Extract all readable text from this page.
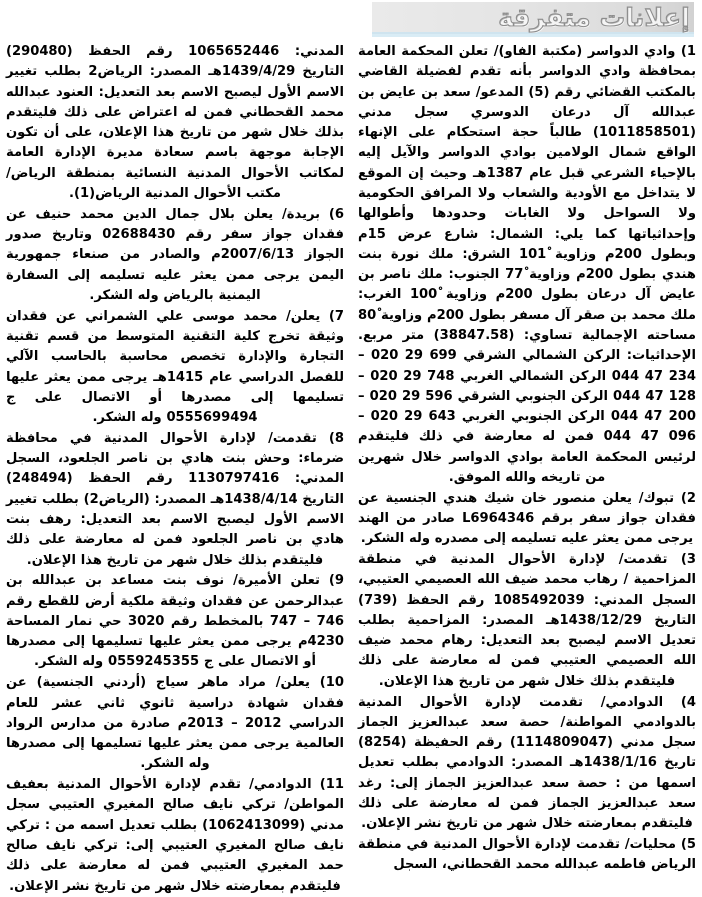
إعلانات متفرقة

1) وادي الدواسر (مكتبة الفاو)/ تعلن المحكمة العامة بمحافظة وادي الدواسر بأنه تقدم لفضيلة القاضي بالمكتب القضائي رقم (5) المدعو/ سعد بن عايض بن عبدالله آل درعان الدوسري سجل مدني (1011858501) طالباً حجة استحكام على الإنهاء الواقع شمال الولامين بوادي الدواسر والآيل إليه بالإحياء الشرعي قبل عام 1387هـ وحيث إن الموقع لا يتداخل مع الأودية والشعاب ولا المرافق الحكومية ولا السواحل ولا الغابات وحدودها وأطوالها وإحداثياتها كما يلي: الشمال: شارع عرض 15م وبطول 200م وزاوية 101ْ الشرق: ملك نورة بنت هندي بطول 200م وزاوية 77ْ الجنوب: ملك ناصر بن عايض آل درعان بطول 200م وزاوية 100ْ الغرب: ملك محمد بن صقر آل مسفر بطول 200م وزاوية 80ْ مساحته الإجمالية تساوي: (38847.58) متر مربع. الإحداثيات: الركن الشمالي الشرقي 699 29 020 – 234 47 044 الركن الشمالي الغربي 748 29 020 – 128 47 044 الركن الجنوبي الشرقي 596 29 020 – 200 47 044 الركن الجنوبي الغربي 643 29 020 – 096 47 044 فمن له معارضة في ذلك فليتقدم لرئيس المحكمة العامة بوادي الدواسر خلال شهرين من تاريخه والله الموفق.

2) تبوك/ يعلن منصور خان شيك هندي الجنسية عن فقدان جواز سفر برقم L6964346 صادر من الهند يرجى ممن يعثر عليه تسليمه إلى مصدره وله الشكر.

3) تقدمت/ لإدارة الأحوال المدنية في منطقة المزاحمية / رهاب محمد ضيف الله العصيمي العتيبي، السجل المدني: 1085492039 رقم الحفظ (739) التاريخ 1438/12/29هـ المصدر: المزاحمية بطلب تعديل الاسم ليصبح بعد التعديل: رهام محمد ضيف الله العصيمي العتيبي فمن له معارضة على ذلك فليتقدم بذلك خلال شهر من تاريخ هذا الإعلان.

4) الدوادمي/ تقدمت لإدارة الأحوال المدنية بالدوادمي المواطنة/ حصة سعد عبدالعزيز الجماز سجل مدني (1114809047) رقم الحفيظة (8254) تاريخ 1438/1/16هـ المصدر: الدوادمي بطلب تعديل اسمها من : حصة سعد عبدالعزيز الجماز إلى: رغد سعد عبدالعزيز الجماز فمن له معارضة على ذلك فليتقدم بمعارضته خلال شهر من تاريخ نشر الإعلان.

5) محليات/ تقدمت لإدارة الأحوال المدنية في منطقة الرياض فاطمه عبدالله محمد القحطاني، السجل

المدني: 1065652446 رقم الحفظ (290480) التاريخ 1439/4/29هـ المصدر: الرياض2 بطلب تغيير الاسم الأول ليصبح الاسم بعد التعديل: العنود عبدالله محمد القحطاني فمن له اعتراض على ذلك فليتقدم بذلك خلال شهر من تاريخ هذا الإعلان، على أن تكون الإجابة موجهة باسم سعادة مديرة الإدارة العامة لمكاتب الأحوال المدنية النسائية بمنطقة الرياض/ مكتب الأحوال المدنية الرياض(1).

6) بريدة/ يعلن بلال جمال الدين محمد حنيف عن فقدان جواز سفر رقم 02688430 وتاريخ صدور الجواز 2007/6/13م والصادر من صنعاء جمهورية اليمن يرجى ممن يعثر عليه تسليمه إلى السفارة اليمنية بالرياض وله الشكر.

7) يعلن/ محمد موسى علي الشمراني عن فقدان وثيقة تخرج كلية التقنية المتوسط من قسم تقنية التجارة والإدارة تخصص محاسبة بالحاسب الآلي للفصل الدراسي عام 1415هـ يرجى ممن يعثر عليها تسليمها إلى مصدرها أو الاتصال على ج 0555699494 وله الشكر.

8) تقدمت/ لإدارة الأحوال المدنية في محافظة ضرماء: وحش بنت هادي بن ناصر الجلعود، السجل المدني: 1130797416 رقم الحفظ (248494) التاريخ 1438/4/14هـ المصدر: (الرياض2) بطلب تغيير الاسم الأول ليصبح الاسم بعد التعديل: رهف بنت هادي بن ناصر الجلعود فمن له معارضة على ذلك فليتقدم بذلك خلال شهر من تاريخ هذا الإعلان.

9) تعلن الأميرة/ نوف بنت مساعد بن عبدالله بن عبدالرحمن عن فقدان وثيقة ملكية أرض للقطع رقم 746 – 747 بالمخطط رقم 3020 حي نمار المساحة 4230م يرجى ممن يعثر عليها تسليمها إلى مصدرها أو الاتصال على ج 0559245355 وله الشكر.

10) يعلن/ مراد ماهر سياج (أردني الجنسية) عن فقدان شهادة دراسية ثانوي ثاني عشر للعام الدراسي 2012 – 2013م صادرة من مدارس الرواد العالمية يرجى ممن يعثر عليها تسليمها إلى مصدرها وله الشكر.

11) الدوادمي/ تقدم لإدارة الأحوال المدنية بعفيف المواطن/ تركي نايف صالح المغيري العتيبي سجل مدني (1062413099) بطلب تعديل اسمه من : تركي نايف صالح المغيري العتيبي إلى: تركي نايف صالح حمد المغيري العتيبي فمن له معارضة على ذلك فليتقدم بمعارضته خلال شهر من تاريخ نشر الإعلان.
